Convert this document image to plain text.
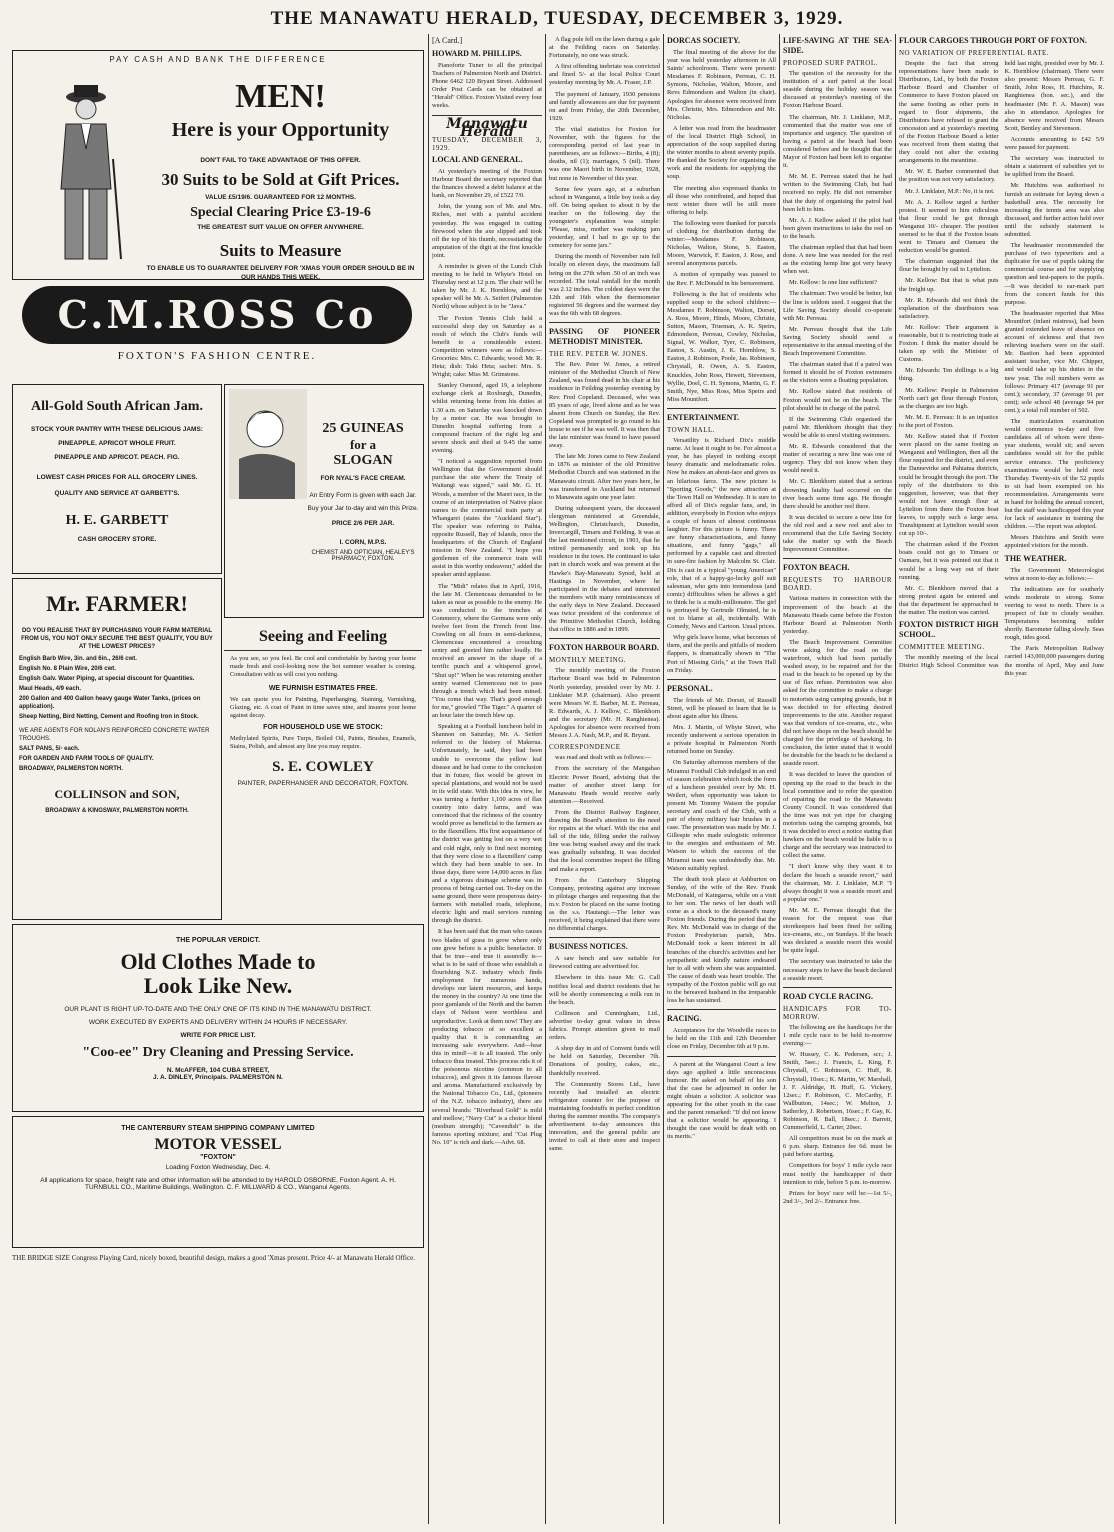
THE MANAWATU HERALD, TUESDAY, DECEMBER 3, 1929.
PAY CASH AND BANK THE DIFFERENCE
MEN!
Here is your Opportunity
DON'T FAIL TO TAKE ADVANTAGE OF THIS OFFER.
30 Suits to be Sold at Gift Prices.
VALUE £5/19/6. GUARANTEED FOR 12 MONTHS.
Special Clearing Price £3-19-6
THE GREATEST SUIT VALUE ON OFFER ANYWHERE.
Suits to Measure
TO ENABLE US TO GUARANTEE DELIVERY FOR 'XMAS YOUR ORDER SHOULD BE IN OUR HANDS THIS WEEK.
C.M.ROSS Co
FOXTON'S FASHION CENTRE.
All-Gold South African Jam.
STOCK YOUR PANTRY WITH THESE DELICIOUS JAMS:
PINEAPPLE. APRICOT WHOLE FRUIT.
PINEAPPLE AND APRICOT. PEACH. FIG.
LOWEST CASH PRICES FOR ALL GROCERY LINES.
QUALITY AND SERVICE AT GARBETT'S.
H. E. GARBETT
CASH GROCERY STORE.
Mr. FARMER!
DO YOU REALISE THAT BY PURCHASING YOUR FARM MATERIAL FROM US, YOU NOT ONLY SECURE THE BEST QUALITY, YOU BUY AT THE LOWEST PRICES?
English Barb Wire, 3in. and 6in., 26/6 cwt.
English No. 8 Plain Wire, 20/6 cwt.
English Galv. Water Piping, at special discount for Quantities.
Maul Heads, 4/9 each.
200 Gallon and 400 Gallon heavy gauge Water Tanks, (prices on application).
Sheep Netting, Bird Netting, Cement and Roofing Iron in Stock.
WE ARE AGENTS FOR NOLAN'S REINFORCED CONCRETE WATER TROUGHS.
SALT PANS, 5/- each.
FOR GARDEN AND FARM TOOLS OF QUALITY.
BROADWAY, PALMERSTON NORTH.
COLLINSON and SON,
BROADWAY & KINGSWAY, PALMERSTON NORTH.
THE POPULAR VERDICT.
Old Clothes Made to
Look Like New.
OUR PLANT IS RIGHT UP-TO-DATE AND THE ONLY ONE OF ITS KIND IN THE MANAWATU DISTRICT.
WORK EXECUTED BY EXPERTS AND DELIVERY WITHIN 24 HOURS IF NECESSARY.
WRITE FOR PRICE LIST.
"Coo-ee" Dry Cleaning and Pressing Service.
N. McAFFER, 104 CUBA STREET,
J. A. DINLEY, Principals. PALMERSTON N.
25 GUINEAS
for a
SLOGAN
FOR NYAL'S FACE CREAM.
An Entry Form is given with each Jar.
Buy your Jar to-day and win this Prize.
PRICE 2/6 PER JAR.
I. CORN, M.P.S.
CHEMIST AND OPTICIAN, HEALEY'S PHARMACY, FOXTON.
Seeing and Feeling
As you see, so you feel. Be cool and comfortable by having your home made fresh and cool-looking now the hot summer weather is coming. Consultation with us will cost you nothing.
WE FURNISH ESTIMATES FREE.
We can quote you for Painting, Paperhanging, Staining, Varnishing, Glazing, etc. A coat of Paint in time saves nine, and insures your home against decay.
FOR HOUSEHOLD USE WE STOCK:
Methylated Spirits, Pure Turps, Boiled Oil, Paints, Brushes, Enamels, Stains, Polish, and almost any line you may require.
S. E. COWLEY
PAINTER, PAPERHANGER AND DECORATOR, FOXTON.

[A Card.]

HOWARD M. PHILLIPS.

Pianoforte Tuner to all the principal Teachers of Palmerston North and District. Phone 6462 120 Bryant Street. Addressed Order Post Cards can be obtained at "Herald" Office. Foxton Visited every four weeks.

Manawatu Herald

TUESDAY, DECEMBER 3, 1929.

LOCAL AND GENERAL.

At yesterday's meeting of the Foxton Harbour Board the secretary reported that the finances showed a debit balance at the bank, on November 29, of £522 7/0.

John, the young son of Mr. and Mrs. Riches, met with a painful accident yesterday. He was engaged in cutting firewood when the axe slipped and took off the top of his thumb, necessitating the amputation of the digit at the first knuckle joint.

A reminder is given of the Lunch Club meeting to be held in Whyte's Hotel on Thursday next at 12 p.m. The chair will be taken by Mr. J. K. Hornblow, and the speaker will be Mr. A. Seifert (Palmerston North) whose subject is to be "Java."

The Foxton Tennis Club held a successful shop day on Saturday as a result of which the Club's funds will benefit to a considerable extent. Competition winners were as follows:—Groceries: Mrs. C. Edwards; wood: Mr. R. Heta; dish: Tuki Heta; sachet: Mrs. S. Wright; cake: Miss M. Grimstone.

Stanley Osmond, aged 19, a telephone exchange clerk at Roxburgh, Dunedin, whilst returning home from his duties at 1.30 a.m. on Saturday was knocked down by a motor car. He was brought to Dunedin hospital suffering from a compound fracture of the right leg and severe shock and died at 9.45 the same evening.

"I noticed a suggestion reported from Wellington that the Government should purchase the site where the Treaty of Waitangi was signed," said Mr. G. H. Woods, a member of the Maori race, in the course of an interpretation of Native place names to the commercial train party at Whangarei (states the "Auckland Star"). The speaker was referring to Paihia, opposite Russell, Bay of Islands, once the headquarters of the Church of England mission in New Zealand. "I hope you gentlemen of the commerce train will assist in this worthy endeavour," added the speaker amid applause.

The "Midi" relates that in April, 1916, the late M. Clemenceau demanded to be taken as near as possible to the enemy. He was conducted to the trenches at Commercy, where the Germans were only twelve feet from the French front line. Crawling on all fours in semi-darkness, Clemenceau encountered a crouching sentry and greeted him rather loudly. He received an answer in the shape of a terrific punch and a whispered growl, "Shut up!" When he was returning another sentry warned Clemenceau not to pass through a trench which had been mined. "You come that way. That's good enough for me," growled "The Tiger." A quarter of an hour later the trench blew up.

Speaking at a Football luncheon held in Shannon on Saturday, Mr. A. Seifert referred to the history of Makerua. Unfortunately, he said, they had been unable to overcome the yellow leaf disease and he had come to the conclusion that in future, flax would be grown in special plantations, and would not be used in its wild state. With this idea in view, he was turning a further 1,100 acres of flax country into dairy farms, and was convinced that the richness of the country would prove as beneficial to the farmers as to the flaxmillers. His first acquaintance of the district was getting lost on a very wet and cold night, only to find next morning that they were close to a flaxmillers' camp which they had been unable to see. In those days, there were 14,000 acres in flax and a vigorous drainage scheme was in process of being carried out. To-day on the same ground, there were prosperous dairy-farmers with metalled roads, telephone, electric light and mail services running through the district.

It has been said that the man who causes two blades of grass to grow where only one grew before is a public benefactor. If that be true—and true it assuredly is—what is to be said of those who establish a flourishing N.Z. industry which finds employment for numerous hands, develops our latent resources, and keeps the money in the country? At one time the poor gumlands of the North and the barren clays of Nelson were worthless and unproductive. Look at them now! They are producing tobacco of so excellent a quality that it is commanding an increasing sale everywhere. And—hear this in mind!—it is all toasted. The only tobacco thus treated. This process rids it of the poisonous nicotine (common to all tobaccos), and gives it its famous flavour and aroma. Manufactured exclusively by the National Tobacco Co., Ltd., (pioneers of the N.Z. tobacco industry), there are several brands: "Riverhead Gold" is mild and mellow; "Navy Cut" is a choice blend (medium strength); "Cavendish" is the famous sporting mixture; and "Cut Plug No. 10" is rich and dark.—Advt. 68.

A flag pole fell on the lawn during a gale at the Feilding races on Saturday. Fortunately, no one was struck.

A first offending inebriate was convicted and fined 5/- at the local Police Court yesterday morning by Mr. A. Fraser, J.P.

The payment of January, 1930 pensions and family allowances are due for payment on and from Friday, the 20th December, 1929.

The vital statistics for Foxton for November, with the figures for the corresponding period of last year in parentheses, are as follows:—Births, 4 (8); deaths, nil (1); marriages, 5 (nil). There was one Maori birth in November, 1928, but none in November of this year.

Some few years ago, at a suburban school in Wanganui, a little boy took a day off. On being spoken to about it by the teacher on the following day the youngster's explanation was simple: "Please, miss, mother was making jam yesterday, and I had to go up to the cemetery for some jars."

During the month of November rain fell locally on eleven days, the maximum fall being on the 27th when .50 of an inch was recorded. The total rainfall for the month was 2.12 inches. The coldest days were the 12th and 16th when the thermometer registered 56 degrees and the warmest day was the 6th with 68 degrees.

PASSING OF PIONEER METHODIST MINISTER.

THE REV. PETER W. JONES.

The Rev. Peter W. Jones, a retired minister of the Methodist Church of New Zealand, was found dead in his chair at his residence in Feilding yesterday evening by Rev. Fred Copeland. Deceased, who was 85 years of age, lived alone and as he was absent from Church on Sunday, the Rev. Copeland was prompted to go round to his house to see if he was well. It was then that the late minister was found to have passed away.

The late Mr. Jones came to New Zealand in 1876 as minister of the old Primitive Methodist Church and was stationed in the Manawatu circuit. After two years here, he was transferred to Auckland but returned to Manawatu again one year later.

During subsequent years, the deceased clergyman ministered at Greendale, Wellington, Christchurch, Dunedin, Invercargill, Timaru and Feilding. It was at the last mentioned circuit, in 1901, that he retired permanently and took up his residence in the town. He continued to take part in church work and was present at the Hawke's Bay-Manawatu Synod, held at Hastings in November, where he participated in the debates and interested the members with many reminiscences of the early days in New Zealand. Deceased was twice president of the conference of the Primitive Methodist Church, holding that office in 1886 and in 1899.

FOXTON HARBOUR BOARD.

MONTHLY MEETING.

The monthly meeting of the Foxton Harbour Board was held in Palmerston North yesterday, presided over by Mr. J. Linklater M.P. (chairman). Also present were Messrs W. E. Barber, M. E. Perreau, R. Edwards, A. J. Kellow, C. Blenkhorn and the secretary (Mr. H. Ranghienea). Apologies for absence were received from Messrs J. A. Nash, M.P., and R. Bryant.

CORRESPONDENCE

was read and dealt with as follows:—

From the secretary of the Mangahao Electric Power Board, advising that the matter of another street lamp for Manawatu Heads would receive early attention.—Received.

From the District Railway Engineer, drawing the Board's attention to the need for repairs at the wharf. With the rise and fall of the tide, filling under the railway line was being washed away and the track was gradually subsiding. It was decided that the local committee inspect the filling and make a report.

From the Canterbury Shipping Company, protesting against any increase in pilotage charges and requesting that the m.v. Foxton be placed on the same footing as the s.s. Hautangi.—The letter was received, it being explained that there were no differential charges.

BUSINESS NOTICES.

A saw bench and saw suitable for firewood cutting are advertised for.

Elsewhere in this issue Mr. G. Call notifies local and district residents that he will be shortly commencing a milk run in the beach.

Collinson and Cunningham, Ltd., advertise to-day great values in dress fabrics. Prompt attention given to mail orders.

A shop day in aid of Convent funds will be held on Saturday, December 7th. Donations of poultry, cakes, etc., thankfully received.

The Community Stores Ltd., have recently had installed an electric refrigerator counter for the purpose of maintaining foodstuffs in perfect condition during the summer months. The company's advertisement to-day announces this innovation, and the general public are invited to call at their store and inspect same.

DORCAS SOCIETY.

The final meeting of the above for the year was held yesterday afternoon in All Saints' schoolroom. There were present: Mesdames F. Robinson, Perreau, C. H. Symons, Nicholas, Walton, Moore, and Revs Edmondson and Walton (in chair). Apologies for absence were received from Mrs. Christie, Mrs. Edmondson and Mr. Nicholas.

A letter was read from the headmaster of the local District High School, in appreciation of the soup supplied during the winter months to about seventy pupils. He thanked the Society for organising the work and the residents for supplying the soup.

The meeting also expressed thanks to all those who contributed, and hoped that next winter there will be still more offering to help.

The following were thanked for parcels of clothing for distribution during the winter:—Mesdames F. Robinson, Nicholas, Walton, Stone, S. Easton, Moore, Warwick, F. Easton, J. Ross, and several anonymous parcels.

A motion of sympathy was passed to the Rev. F. McDonald in his bereavement.

Following is the list of residents who supplied soup to the school children:—Mesdames F. Robinson, Walton, Dorset, A. Ross, Moore, Hinds, Moore, Christie, Sutton, Mason, Trueman, A. K. Speirs, Edmondson, Perreau, Cowley, Nicholas, Signal, W. Walker, Tyer, C. Robinson, Easton, S. Austin, J. K. Hornblow, S. Easton, J. Robinson, Poole, Jas. Robinson, Chrystall, R. Owen, A. S. Easton, Knuckles, John Ross, Hewett, Stevenson, Wyllie, Doel, C. H. Symons, Martin, G. F. Smith, Nye, Miss Ross, Miss Speirs and Miss Mountfort.

ENTERTAINMENT.

TOWN HALL.

Versatility is Richard Dix's middle name. At least it ought to be. For almost a year, he has played in nothing except heavy dramatic and melodramatic roles. Now he makes an about-face and gives us an hilarious farce. The new picture is "Sporting Goods," the new attraction at the Town Hall on Wednesday. It is sure to afford all of Dix's regular fans, and, in addition, everybody in Foxton who enjoys a couple of hours of almost continuous laughter. For this picture is funny. There are funny characterisations, and funny situations, and funny "gags," all performed by a capable cast and directed in sure-fire fashion by Malcolm St. Clair. Dix is cast in a typical "young American" role, that of a happy-go-lucky golf suit salesman, who gets into tremendous (and comic) difficulties when he allows a girl to think he is a multi-millionaire. The girl is portrayed by Gertrude Olmsted, he is not to blame at all, incidentally. With Comedy, News and Cartoon. Usual prices.

Why girls leave home, what becomes of them, and the perils and pitfalls of modern flappers, is dramatically shown in "The Port of Missing Girls," at the Town Hall on Friday.

PERSONAL.

The friends of Mr. Dorset, of Russell Street, will be pleased to learn that he is about again after his illness.

Mrs. J. Martin, of Whyte Street, who recently underwent a serious operation in a private hospital in Palmerston North returned home on Sunday.

On Saturday afternoon members of the Miramui Football Club indulged in an end of season celebration which took the form of a luncheon presided over by Mr. H. Weilert, when opportunity was taken to present Mr. Tommy Watson the popular secretary and coach of the Club, with a pair of ebony military hair brushes in a case. The presentation was made by Mr. J. Gillespie who made eulogistic reference to the energies and enthusiasm of Mr. Watson to which the success of the Miramui team was undoubtedly due. Mr. Watson suitably replied.

The death took place at Ashburton on Sunday, of the wife of the Rev. Frank McDonald, of Kaingaroa, while on a visit to her son. The news of her death will come as a shock to the deceased's many Foxton friends. During the period that the Rev. Mr. McDonald was in charge of the Foxton Presbyterian parish, Mrs. McDonald took a keen interest in all branches of the church's activities and her sympathetic and kindly nature endeared her to all with whom she was acquainted. The cause of death was heart trouble. The sympathy of the Foxton public will go out to the bereaved husband in the irreparable loss he has sustained.

RACING.

Acceptances for the Woodville races to be held on the 11th and 12th December close on Friday, December 6th at 9 p.m.

A parent at the Wanganui Court a few days ago applied a little unconscious humour. He asked on behalf of his son that the case be adjourned in order he might obtain a solicitor. A solicitor was appearing for the other youth in the case and the parent remarked: "If did not know that a solicitor would be appearing. I thought the case would be dealt with on its merits."

LIFE-SAVING AT THE SEA-SIDE.

PROPOSED SURF PATROL.

The question of the necessity for the institution of a surf patrol at the local seaside during the holiday season was discussed at yesterday's meeting of the Foxton Harbour Board.

The chairman, Mr. J. Linklater, M.P., commented that the matter was one of importance and urgency. The question of having a patrol at the beach had been considered before and he thought that the Mayor of Foxton had been left to organise it.

Mr. M. E. Perreau stated that he had written to the Swimming Club, but had received no reply. He did not remember that the duty of organising the patrol had been left to him.

Mr. A. J. Kellow asked if the pilot had been given instructions to take the reel on to the beach.

The chairman replied that that had been done. A new line was needed for the reel as the existing hemp line got very heavy when wet.

Mr. Kellow: Is one line sufficient?

The chairman: Two would be better, but the line is seldom used. I suggest that the Life Saving Society should co-operate with Mr. Perreau.

Mr. Perreau thought that the Life Saving Society should send a representative to the annual meeting of the Beach Improvement Committee.

The chairman stated that if a patrol was formed it should be of Foxton swimmers as the visitors were a floating population.

Mr. Kellow stated that residents of Foxton would not be on the beach. The pilot should be in charge of the patrol.

If the Swimming Club organised the patrol Mr. Blenkhorn thought that they would be able to enrol visiting swimmers.

Mr. R. Edwards considered that the matter of securing a new line was one of urgency. They did not know when they would need it.

Mr. C. Blenkhorn stated that a serious drowning fatality had occurred on the river beach some time ago. He thought there should be another reel there.

It was decided to secure a new line for the old reel and a new reel and also to recommend that the Life Saving Society take the matter up with the Beach Improvement Committee.

FOXTON BEACH.

REQUESTS TO HARBOUR BOARD.

Various matters in connection with the improvement of the beach at the Manawatu Heads came before the Foxton Harbour Board at Palmerston North yesterday.

The Beach Improvement Committee wrote asking for the road on the waterfront, which had been partially washed away, to be repaired and for the road to the beach to be opened up by the use of flax refuse. Permission was also asked for the committee to make a charge to motorists using camping grounds, but it was decided to for effecting desired improvements to the site. Another request was that vendors of ice-creams, etc., who did not have shops on the beach should be charged for the privilege of hawking. In conclusion, the letter stated that it would be desirable for the beach to be declared a seaside resort.

It was decided to leave the question of opening up the road to the beach to the local committee and to refer the question of repairing the road to the Manawatu County Council. It was considered that the time was not yet ripe for charging motorists using the camping grounds, but it was decided to erect a notice stating that hawkers on the beach would be liable to a charge and the secretary was instructed to collect the same.

"I don't know why they want it to declare the beach a seaside resort," said the chairman, Mr. J. Linklater, M.P. "I always thought it was a seaside resort and a popular one."

Mr. M. E. Perreau thought that the reason for the request was that storekeepers had been fined for selling ice-creams, etc., on Sundays. If the beach was declared a seaside resort this would be quite legal.

The secretary was instructed to take the necessary steps to have the beach declared a seaside resort.

ROAD CYCLE RACING.

HANDICAPS FOR TO-MORROW.

The following are the handicaps for the 1 mile cycle race to be held to-morrow evening:—

W. Hussey, C. K. Pedersen, scr.; J. Smith, 5sec.; J. Francis, L. King, F. Chrystall, C. Robinson, C. Huff, R. Chrystall, 10sec.; K. Martin, W. Marshall, J. F. Aldridge, H. Huff, G. Vickery, 12sec.; F. Robinson, C. McCarthy, F. Wallbutton, 14sec.; W. Melton, J. Satherley, J. Robertson, 16sec.; F. Gay, K. Robinson, R. Ball, 18sec.; J. Barrett, Cummerfield, L. Carter, 20sec.

All competitors must be on the mark at 6 p.m. sharp. Entrance fee 6d. must be paid before starting.

Competitors for boys' 1 mile cycle race must notify the handicapper of their intention to ride, before 5 p.m. to-morrow.

Prizes for boys' race will be:—1st 5/-, 2nd 3/-, 3rd 2/-. Entrance free.

FLOUR CARGOES THROUGH PORT OF FOXTON.

NO VARIATION OF PREFERENTIAL RATE.

Despite the fact that strong representations have been made to Distributors, Ltd., by both the Foxton Harbour Board and Chamber of Commerce to have Foxton placed on the same footing as other ports in regard to flour shipments, the Distributors have refused to grant the concession and at yesterday's meeting of the Foxton Harbour Board a letter was received from them stating that they could not alter the existing arrangements in the meantime.

Mr. W. E. Barber commented that the position was not very satisfactory.

Mr. J. Linklater, M.P.: No, it is not.

Mr. A. J. Kellow urged a further protest. It seemed to him ridiculous that flour could be got through Wanganui 10/- cheaper. The position seemed to be that if the Foxton boats went to Timaru and Oamaru the reduction would be granted.

The chairman suggested that the flour be brought by rail to Lyttelton.

Mr. Kellow: But that is what puts the freight up.

Mr. R. Edwards did not think the explanation of the distributors was satisfactory.

Mr. Kellow: Their argument is reasonable, but it is restricting trade at Foxton. I think the matter should be taken up with the Minister of Customs.

Mr. Edwards: Ten shillings is a big thing.

Mr. Kellow: People in Palmerston North can't get flour through Foxton, as the charges are too high.

Mr. M. E. Perreau: It is an injustice to the port of Foxton.

Mr. Kellow stated that if Foxton were placed on the same footing as Wanganui and Wellington, then all the flour required for the district, and even the Dannevirke and Pahiatua districts, could be brought through the port. The reply of the distributors to this suggestion, however, was that they would not have enough flour at Lyttelton from there the Foxton boat leaves, to supply such a large area. Transhipment at Lyttelton would soon cut up 10/-.

The chairman asked if the Foxton boats could not go to Timaru or Oamaru, but it was pointed out that it would be a long way out of their running.

Mr. C. Blenkhorn moved that a strong protest again be entered and that the department be approached in the matter. The motion was carried.

FOXTON DISTRICT HIGH SCHOOL.

COMMITTEE MEETING.

The monthly meeting of the local District High School Committee was held last night, presided over by Mr. J. K. Hornblow (chairman). There were also present: Messrs Perreau, G. F. Smith, John Ross, H. Hutchins, R. Ranghienea (hon. sec.), and the headmaster (Mr. F. A. Mason) was also in attendance. Apologies for absence were received from Messrs Scott, Bentley and Stevenson.

Accounts amounting to £42 5/9 were passed for payment.

The secretary was instructed to obtain a statement of subsidies yet to be uplifted from the Board.

Mr. Hutchins was authorised to furnish an estimate for laying down a basketball area. The necessity for increasing the tennis area was also discussed, and further action held over until the subsidy statement is submitted.

The headmaster recommended the purchase of two typewriters and a duplicator for use of pupils taking the commercial course and for supplying question and test-papers to the pupils.—It was decided to ear-mark part from the concert funds for this purpose.

The headmaster reported that Miss Mountfort (infant mistress), had been granted extended leave of absence on account of sickness and that two relieving teachers were on the staff. Mr. Bastion had been appointed assistant teacher, vice Mr. Chipper, and would take up his duties in the new year. The roll numbers were as follows: Primary 417 (average 91 per cent.); secondary, 37 (average 91 per cent); sole school 48 (average 94 per cent.); a total roll number of 502.

The matriculation examination would commence to-day and five candidates all of whom were three-year students, would sit; and seven candidates would sit for the public service entrance. The proficiency examinations would be held next Thursday. Twenty-six of the 52 pupils to sit had been exempted on his recommendation. Arrangements were in hand for holding the annual concert, but the staff was handicapped this year for lack of assistance in training the children. —The report was adopted.

Messrs Hutchins and Smith were appointed visitors for the month.

THE WEATHER.

The Government Meteorologist wires at noon to-day as follows:—

The indications are for southerly winds moderate to strong. Some veering to west to north. There is a prospect of fair to cloudy weather. Temperatures becoming milder shortly. Barometer falling slowly. Seas rough, tides good.

The Paris Metropolitan Railway carried 143,000,000 passengers during the months of April, May and June this year.

THE CANTERBURY STEAM SHIPPING COMPANY LIMITED
MOTOR VESSEL
"FOXTON"
Loading Foxton Wednesday, Dec. 4.
All applications for space, freight rate and other information will be attended to by HAROLD OSBORNE, Foxton Agent. A. H. TURNBULL CO., Maritime Buildings, Wellington. C. F. MILLWARD & CO., Wanganui Agents.
THE BRIDGE SIZE Congress Playing Card, nicely boxed, beautiful design, makes a good 'Xmas present. Price 4/- at Manawatu Herald Office.
